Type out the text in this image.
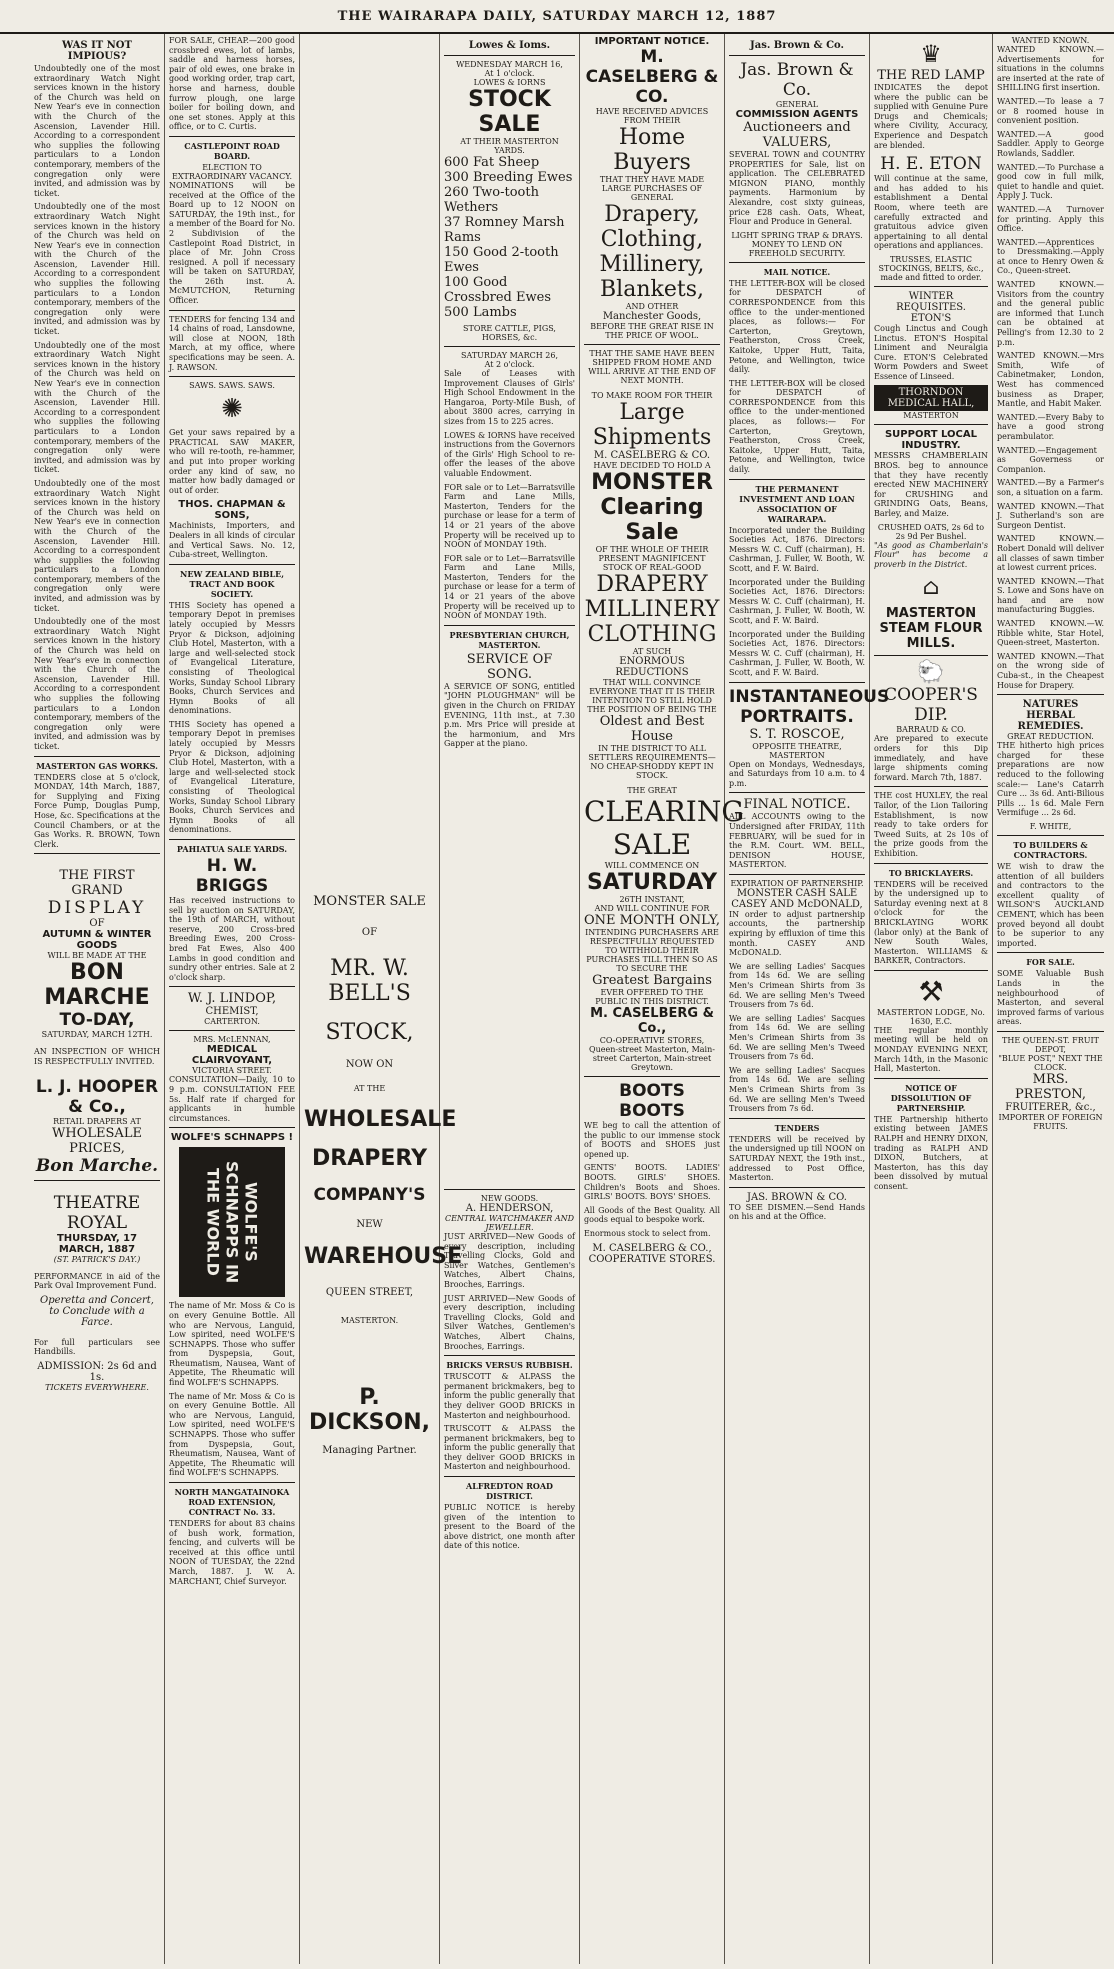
THE WAIRARAPA DAILY, SATURDAY MARCH 12, 1887
WAS IT NOT IMPIOUS?

Undoubtedly one of the most extraordinary Watch Night services known in the history of the Church was held on New Year's eve in connection with the Church of the Ascension, Lavender Hill. According to a correspondent who supplies the following particulars to a London contemporary, members of the congregation only were invited, and admission was by ticket.

Undoubtedly one of the most extraordinary Watch Night services known in the history of the Church was held on New Year's eve in connection with the Church of the Ascension, Lavender Hill. According to a correspondent who supplies the following particulars to a London contemporary, members of the congregation only were invited, and admission was by ticket.

Undoubtedly one of the most extraordinary Watch Night services known in the history of the Church was held on New Year's eve in connection with the Church of the Ascension, Lavender Hill. According to a correspondent who supplies the following particulars to a London contemporary, members of the congregation only were invited, and admission was by ticket.

Undoubtedly one of the most extraordinary Watch Night services known in the history of the Church was held on New Year's eve in connection with the Church of the Ascension, Lavender Hill. According to a correspondent who supplies the following particulars to a London contemporary, members of the congregation only were invited, and admission was by ticket.

Undoubtedly one of the most extraordinary Watch Night services known in the history of the Church was held on New Year's eve in connection with the Church of the Ascension, Lavender Hill. According to a correspondent who supplies the following particulars to a London contemporary, members of the congregation only were invited, and admission was by ticket.

MASTERTON GAS WORKS.

TENDERS close at 5 o'clock, MONDAY, 14th March, 1887, for Supplying and Fixing Force Pump, Douglas Pump, Hose, &c. Specifications at the Council Chambers, or at the Gas Works. R. BROWN, Town Clerk.

THE FIRST GRAND
DISPLAY
OF
AUTUMN & WINTER GOODS
WILL BE MADE AT THE
BON MARCHE
TO-DAY,
SATURDAY, MARCH 12TH.

AN INSPECTION OF WHICH IS RESPECTFULLY INVITED.

L. J. HOOPER & Co.,
RETAIL DRAPERS AT
WHOLESALE PRICES,
Bon Marche.
THEATRE ROYAL
THURSDAY, 17 MARCH, 1887
(ST. PATRICK'S DAY.)

PERFORMANCE in aid of the Park Oval Improvement Fund.

Operetta and Concert, to Conclude with a Farce.

For full particulars see Handbills.

ADMISSION: 2s 6d and 1s.
TICKETS EVERYWHERE.

FOR SALE, CHEAP.—200 good crossbred ewes, lot of lambs, saddle and harness horses, pair of old ewes, one brake in good working order, trap cart, horse and harness, double furrow plough, one large boiler for boiling down, and one set stones. Apply at this office, or to C. Curtis.

CASTLEPOINT ROAD BOARD.
ELECTION TO EXTRAORDINARY VACANCY.

NOMINATIONS will be received at the Office of the Board up to 12 NOON on SATURDAY, the 19th inst., for a member of the Board for No. 2 Subdivision of the Castlepoint Road District, in place of Mr. John Cross resigned. A poll if necessary will be taken on SATURDAY, the 26th inst. A. McMUTCHON, Returning Officer.

TENDERS for fencing 134 and 14 chains of road, Lansdowne, will close at NOON, 18th March, at my office, where specifications may be seen. A. J. RAWSON.

SAWS. SAWS. SAWS.
✺

Get your saws repaired by a PRACTICAL SAW MAKER, who will re-tooth, re-hammer, and put into proper working order any kind of saw, no matter how badly damaged or out of order.

THOS. CHAPMAN & SONS,

Machinists, Importers, and Dealers in all kinds of circular and Vertical Saws. No. 12, Cuba-street, Wellington.

NEW ZEALAND BIBLE, TRACT AND BOOK SOCIETY.

THIS Society has opened a temporary Depot in premises lately occupied by Messrs Pryor & Dickson, adjoining Club Hotel, Masterton, with a large and well-selected stock of Evangelical Literature, consisting of Theological Works, Sunday School Library Books, Church Services and Hymn Books of all denominations.

THIS Society has opened a temporary Depot in premises lately occupied by Messrs Pryor & Dickson, adjoining Club Hotel, Masterton, with a large and well-selected stock of Evangelical Literature, consisting of Theological Works, Sunday School Library Books, Church Services and Hymn Books of all denominations.

PAHIATUA SALE YARDS.
H. W. BRIGGS

Has received instructions to sell by auction on SATURDAY, the 19th of MARCH, without reserve, 200 Cross-bred Breeding Ewes, 200 Cross-bred Fat Ewes, Also 400 Lambs in good condition and sundry other entries. Sale at 2 o'clock sharp.

W. J. LINDOP,
CHEMIST,
CARTERTON.
MRS. McLENNAN,
MEDICAL CLAIRVOYANT,
VICTORIA STREET.

CONSULTATION—Daily, 10 to 9 p.m. CONSULTATION FEE 5s. Half rate if charged for applicants in humble circumstances.

WOLFE'S SCHNAPPS !
WOLFE'S SCHNAPPS IN THE WORLD

The name of Mr. Moss & Co is on every Genuine Bottle. All who are Nervous, Languid, Low spirited, need WOLFE'S SCHNAPPS. Those who suffer from Dyspepsia, Gout, Rheumatism, Nausea, Want of Appetite, The Rheumatic will find WOLFE'S SCHNAPPS.

The name of Mr. Moss & Co is on every Genuine Bottle. All who are Nervous, Languid, Low spirited, need WOLFE'S SCHNAPPS. Those who suffer from Dyspepsia, Gout, Rheumatism, Nausea, Want of Appetite, The Rheumatic will find WOLFE'S SCHNAPPS.

NORTH MANGATAINOKA ROAD EXTENSION, CONTRACT No. 33.

TENDERS for about 83 chains of bush work, formation, fencing, and culverts will be received at this office until NOON of TUESDAY, the 22nd March, 1887. J. W. A. MARCHANT, Chief Surveyor.

MONSTER SALE
OF
MR. W. BELL'S
STOCK,
NOW ON
AT THE
WHOLESALE
DRAPERY
COMPANY'S
NEW
WAREHOUSE
QUEEN STREET,
MASTERTON.
P. DICKSON,
Managing Partner.
Lowes & Ioms.
WEDNESDAY MARCH 16,
At 1 o'clock.
LOWES & IORNS
STOCK SALE
AT THEIR MASTERTON YARDS.
600 Fat Sheep
300 Breeding Ewes
260 Two-tooth Wethers
37 Romney Marsh Rams
150 Good 2-tooth Ewes
100 Good Crossbred Ewes
500 Lambs
STORE CATTLE, PIGS, HORSES, &c.
SATURDAY MARCH 26,
At 2 o'clock.

Sale of Leases with Improvement Clauses of Girls' High School Endowment in the Hangaroa, Porty-Mile Bush, of about 3800 acres, carrying in sizes from 15 to 225 acres.

LOWES & IORNS have received instructions from the Governors of the Girls' High School to re-offer the leases of the above valuable Endowment.

FOR sale or to Let—Barratsville Farm and Lane Mills, Masterton, Tenders for the purchase or lease for a term of 14 or 21 years of the above Property will be received up to NOON of MONDAY 19th.

FOR sale or to Let—Barratsville Farm and Lane Mills, Masterton, Tenders for the purchase or lease for a term of 14 or 21 years of the above Property will be received up to NOON of MONDAY 19th.

PRESBYTERIAN CHURCH, MASTERTON.
SERVICE OF SONG.

A SERVICE OF SONG, entitled "JOHN PLOUGHMAN" will be given in the Church on FRIDAY EVENING, 11th inst., at 7.30 p.m. Mrs Price will preside at the harmonium, and Mrs Gapper at the piano.

NEW GOODS.
A. HENDERSON,
CENTRAL WATCHMAKER AND JEWELLER.

JUST ARRIVED—New Goods of every description, including Travelling Clocks, Gold and Silver Watches, Gentlemen's Watches, Albert Chains, Brooches, Earrings.

JUST ARRIVED—New Goods of every description, including Travelling Clocks, Gold and Silver Watches, Gentlemen's Watches, Albert Chains, Brooches, Earrings.

BRICKS VERSUS RUBBISH.

TRUSCOTT & ALPASS the permanent brickmakers, beg to inform the public generally that they deliver GOOD BRICKS in Masterton and neighbourhood.

TRUSCOTT & ALPASS the permanent brickmakers, beg to inform the public generally that they deliver GOOD BRICKS in Masterton and neighbourhood.

ALFREDTON ROAD DISTRICT.

PUBLIC NOTICE is hereby given of the intention to present to the Board of the above district, one month after date of this notice.

IMPORTANT NOTICE.
M. CASELBERG & CO.
HAVE RECEIVED ADVICES FROM THEIR
Home Buyers
THAT THEY HAVE MADE LARGE PURCHASES OF GENERAL
Drapery,
Clothing,
Millinery,
Blankets,
AND OTHER
Manchester Goods,
BEFORE THE GREAT RISE IN THE PRICE OF WOOL.
THAT THE SAME HAVE BEEN SHIPPED FROM HOME AND WILL ARRIVE AT THE END OF NEXT MONTH.
TO MAKE ROOM FOR THEIR
Large Shipments
M. CASELBERG & CO.
HAVE DECIDED TO HOLD A
MONSTER
Clearing Sale
OF THE WHOLE OF THEIR PRESENT MAGNIFICENT STOCK OF REAL-GOOD
DRAPERY
MILLINERY
CLOTHING
AT SUCH
ENORMOUS REDUCTIONS
THAT WILL CONVINCE EVERYONE THAT IT IS THEIR INTENTION TO STILL HOLD THE POSITION OF BEING THE
Oldest and Best House
IN THE DISTRICT TO ALL SETTLERS REQUIREMENTS—NO CHEAP-SHODDY KEPT IN STOCK.
THE GREAT
CLEARING
SALE
WILL COMMENCE ON
SATURDAY
26TH INSTANT,
AND WILL CONTINUE FOR
ONE MONTH ONLY,
INTENDING PURCHASERS ARE RESPECTFULLY REQUESTED TO WITHHOLD THEIR PURCHASES TILL THEN SO AS TO SECURE THE
Greatest Bargains
EVER OFFERED TO THE PUBLIC IN THIS DISTRICT.
M. CASELBERG & Co.,
CO-OPERATIVE STORES,
Queen-street Masterton, Main-street Carterton, Main-street Greytown.
BOOTS BOOTS

WE beg to call the attention of the public to our immense stock of BOOTS and SHOES just opened up.

GENTS' BOOTS. LADIES' BOOTS. GIRLS' SHOES. Children's Boots and Shoes. GIRLS' BOOTS. BOYS' SHOES.

All Goods of the Best Quality. All goods equal to bespoke work.

Enormous stock to select from.

M. CASELBERG & CO., COOPERATIVE STORES.
Jas. Brown & Co.
Jas. Brown & Co.
GENERAL
COMMISSION AGENTS
Auctioneers and
VALUERS,

SEVERAL TOWN and COUNTRY PROPERTIES for Sale, list on application. The CELEBRATED MIGNON PIANO, monthly payments. Harmonium by Alexandre, cost sixty guineas, price £28 cash. Oats, Wheat, Flour and Produce in General.

LIGHT SPRING TRAP & DRAYS.
MONEY TO LEND ON FREEHOLD SECURITY.
MAIL NOTICE.

THE LETTER-BOX will be closed for DESPATCH of CORRESPONDENCE from this office to the under-mentioned places, as follows:— For Carterton, Greytown, Featherston, Cross Creek, Kaitoke, Upper Hutt, Taita, Petone, and Wellington, twice daily.

THE LETTER-BOX will be closed for DESPATCH of CORRESPONDENCE from this office to the under-mentioned places, as follows:— For Carterton, Greytown, Featherston, Cross Creek, Kaitoke, Upper Hutt, Taita, Petone, and Wellington, twice daily.

THE PERMANENT INVESTMENT AND LOAN ASSOCIATION OF WAIRARAPA.

Incorporated under the Building Societies Act, 1876. Directors: Messrs W. C. Cuff (chairman), H. Cashrman, J. Fuller, W. Booth, W. Scott, and F. W. Baird.

Incorporated under the Building Societies Act, 1876. Directors: Messrs W. C. Cuff (chairman), H. Cashrman, J. Fuller, W. Booth, W. Scott, and F. W. Baird.

Incorporated under the Building Societies Act, 1876. Directors: Messrs W. C. Cuff (chairman), H. Cashrman, J. Fuller, W. Booth, W. Scott, and F. W. Baird.

INSTANTANEOUS
PORTRAITS.
S. T. ROSCOE,
OPPOSITE THEATRE, MASTERTON

Open on Mondays, Wednesdays, and Saturdays from 10 a.m. to 4 p.m.

FINAL NOTICE.

ALL ACCOUNTS owing to the Undersigned after FRIDAY, 11th FEBRUARY, will be sued for in the R.M. Court. WM. BELL, DENISON HOUSE, MASTERTON.

EXPIRATION OF PARTNERSHIP.
MONSTER CASH SALE
CASEY AND McDONALD,

IN order to adjust partnership accounts, the partnership expiring by effluxion of time this month. CASEY AND McDONALD.

We are selling Ladies' Sacques from 14s 6d. We are selling Men's Crimean Shirts from 3s 6d. We are selling Men's Tweed Trousers from 7s 6d.

We are selling Ladies' Sacques from 14s 6d. We are selling Men's Crimean Shirts from 3s 6d. We are selling Men's Tweed Trousers from 7s 6d.

We are selling Ladies' Sacques from 14s 6d. We are selling Men's Crimean Shirts from 3s 6d. We are selling Men's Tweed Trousers from 7s 6d.

TENDERS

TENDERS will be received by the undersigned up till NOON on SATURDAY NEXT, the 19th inst., addressed to Post Office, Masterton.

JAS. BROWN & CO.

TO SEE DISMEN.—Send Hands on his and at the Office.

♛
THE RED LAMP

INDICATES the depot where the public can be supplied with Genuine Pure Drugs and Chemicals; where Civility, Accuracy, Experience and Despatch are blended.

H. E. ETON

Will continue at the same, and has added to his establishment a Dental Room, where teeth are carefully extracted and gratuitous advice given appertaining to all dental operations and appliances.

TRUSSES, ELASTIC STOCKINGS, BELTS, &c., made and fitted to order.
WINTER REQUISITES.
ETON'S

Cough Linctus and Cough Linctus. ETON'S Hospital Liniment and Neuralgia Cure. ETON'S Celebrated Worm Powders and Sweet Essence of Linseed.

THORNDON MEDICAL HALL,
MASTERTON
SUPPORT LOCAL INDUSTRY.

MESSRS CHAMBERLAIN BROS. beg to announce that they have recently erected NEW MACHINERY for CRUSHING and GRINDING Oats, Beans, Barley, and Maize.

CRUSHED OATS, 2s 6d to 2s 9d Per Bushel.

"As good as Chamberlain's Flour" has become a proverb in the District.

⌂
MASTERTON STEAM FLOUR MILLS.
🐑
COOPER'S DIP.
BARRAUD & CO.

Are prepared to execute orders for this Dip immediately, and have large shipments coming forward. March 7th, 1887.

THE cost HUXLEY, the real Tailor, of the Lion Tailoring Establishment, is now ready to take orders for Tweed Suits, at 2s 10s of the prize goods from the Exhibition.

TO BRICKLAYERS.

TENDERS will be received by the undersigned up to Saturday evening next at 8 o'clock for the BRICKLAYING WORK (labor only) at the Bank of New South Wales, Masterton. WILLIAMS & BARKER, Contractors.

⚒
MASTERTON LODGE, No. 1630, E.C.

THE regular monthly meeting will be held on MONDAY EVENING NEXT, March 14th, in the Masonic Hall, Masterton.

NOTICE OF DISSOLUTION OF PARTNERSHIP.

THE Partnership hitherto existing between JAMES RALPH and HENRY DIXON, trading as RALPH AND DIXON, Butchers, at Masterton, has this day been dissolved by mutual consent.

WANTED KNOWN.

WANTED KNOWN.—Advertisements for situations in the columns are inserted at the rate of SHILLING first insertion.

WANTED.—To lease a 7 or 8 roomed house in convenient position.

WANTED.—A good Saddler. Apply to George Rowlands, Saddler.

WANTED.—To Purchase a good cow in full milk, quiet to handle and quiet. Apply J. Tuck.

WANTED.—A Turnover for printing. Apply this Office.

WANTED.—Apprentices to Dressmaking.—Apply at once to Henry Owen & Co., Queen-street.

WANTED KNOWN.—Visitors from the country and the general public are informed that Lunch can be obtained at Pelling's from 12.30 to 2 p.m.

WANTED KNOWN.—Mrs Smith, Wife of Cabinetmaker, London, West has commenced business as Draper, Mantle, and Habit Maker.

WANTED.—Every Baby to have a good strong perambulator.

WANTED.—Engagement as Governess or Companion.

WANTED.—By a Farmer's son, a situation on a farm.

WANTED KNOWN.—That J. Sutherland's son are Surgeon Dentist.

WANTED KNOWN.—Robert Donald will deliver all classes of sawn timber at lowest current prices.

WANTED KNOWN.—That S. Lowe and Sons have on hand and are now manufacturing Buggies.

WANTED KNOWN.—W. Ribble white, Star Hotel, Queen-street, Masterton.

WANTED KNOWN.—That on the wrong side of Cuba-st., in the Cheapest House for Drapery.

NATURES HERBAL REMEDIES.
GREAT REDUCTION.

THE hitherto high prices charged for these preparations are now reduced to the following scale:— Lane's Catarrh Cure ... 3s 6d. Anti-Bilious Pills ... 1s 6d. Male Fern Vermifuge ... 2s 6d.

F. WHITE,
TO BUILDERS & CONTRACTORS.

WE wish to draw the attention of all builders and contractors to the excellent quality of WILSON'S AUCKLAND CEMENT, which has been proved beyond all doubt to be superior to any imported.

FOR SALE.

SOME Valuable Bush Lands in the neighbourhood of Masterton, and several improved farms of various areas.

THE QUEEN-ST. FRUIT DEPOT,
"BLUE POST," NEXT THE CLOCK.
MRS. PRESTON,
FRUITERER, &c.,
IMPORTER OF FOREIGN FRUITS.
